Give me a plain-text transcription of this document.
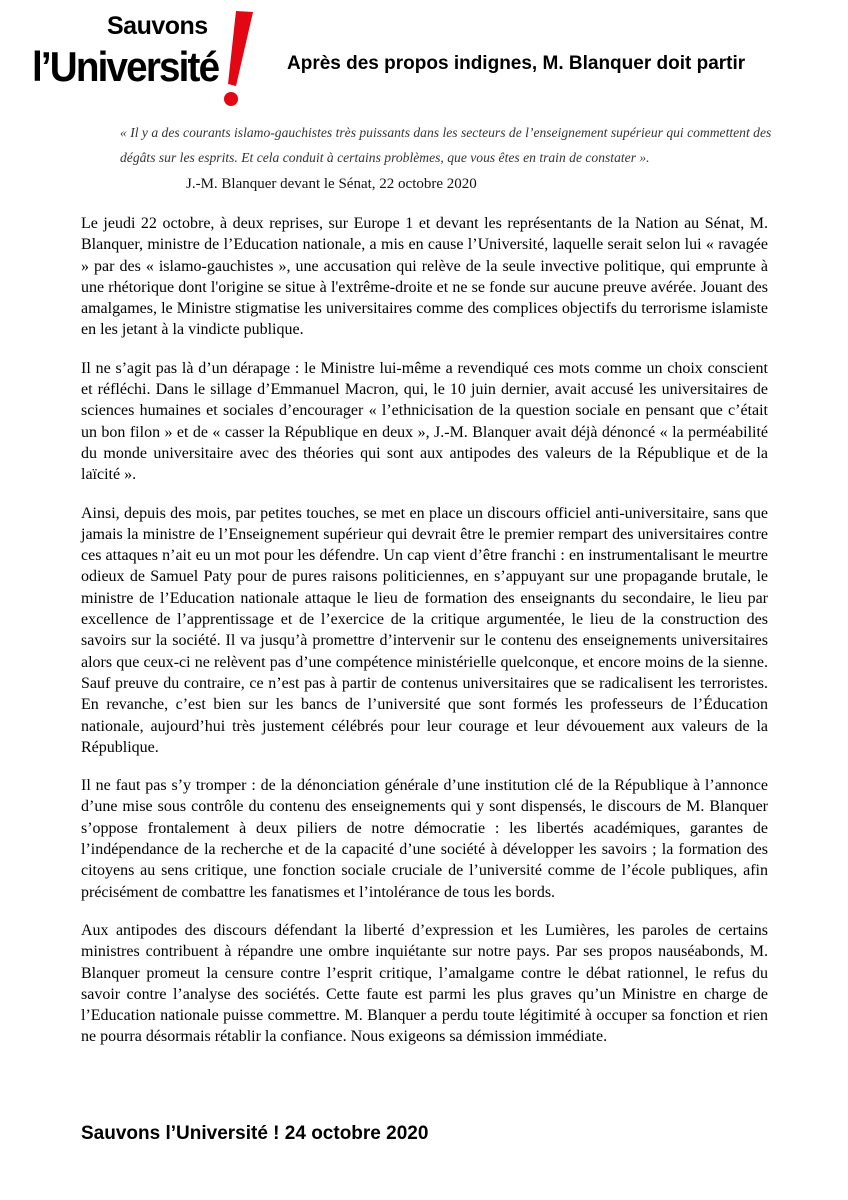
Sauvons
l’Université	Après des propos indignes, M. Blanquer doit partir
« Il y a des courants islamo-gauchistes très puissants dans les secteurs de l’enseignement supérieur qui commettent des dégâts sur les esprits. Et cela conduit à certains problèmes, que vous êtes en train de constater ».
J.-M. Blanquer devant le Sénat, 22 octobre 2020

Le jeudi 22 octobre, à deux reprises, sur Europe 1 et devant les représentants de la Nation au Sénat, M. Blanquer, ministre de l’Education nationale, a mis en cause l’Université, laquelle serait selon lui « ravagée » par des « islamo-gauchistes », une accusation qui relève de la seule invective politique, qui emprunte à une rhétorique dont l'origine se situe à l'extrême-droite et ne se fonde sur aucune preuve avérée. Jouant des amalgames, le Ministre stigmatise les universitaires comme des complices objectifs du terrorisme islamiste en les jetant à la vindicte publique.

Il ne s’agit pas là d’un dérapage : le Ministre lui-même a revendiqué ces mots comme un choix conscient et réfléchi. Dans le sillage d’Emmanuel Macron, qui, le 10 juin dernier, avait accusé les universitaires de sciences humaines et sociales d’encourager « l’ethnicisation de la question sociale en pensant que c’était un bon filon » et de « casser la République en deux », J.-M. Blanquer avait déjà dénoncé « la perméabilité du monde universitaire avec des théories qui sont aux antipodes des valeurs de la République et de la laïcité ».

Ainsi, depuis des mois, par petites touches, se met en place un discours officiel anti-universitaire, sans que jamais la ministre de l’Enseignement supérieur qui devrait être le premier rempart des universitaires contre ces attaques n’ait eu un mot pour les défendre. Un cap vient d’être franchi : en instrumentalisant le meurtre odieux de Samuel Paty pour de pures raisons politiciennes, en s’appuyant sur une propagande brutale, le ministre de l’Education nationale attaque le lieu de formation des enseignants du secondaire, le lieu par excellence de l’apprentissage et de l’exercice de la critique argumentée, le lieu de la construction des savoirs sur la société. Il va jusqu’à promettre d’intervenir sur le contenu des enseignements universitaires alors que ceux-ci ne relèvent pas d’une compétence ministérielle quelconque, et encore moins de la sienne. Sauf preuve du contraire, ce n’est pas à partir de contenus universitaires que se radicalisent les terroristes. En revanche, c’est bien sur les bancs de l’université que sont formés les professeurs de l’Éducation nationale, aujourd’hui très justement célébrés pour leur courage et leur dévouement aux valeurs de la République.

Il ne faut pas s’y tromper : de la dénonciation générale d’une institution clé de la République à l’annonce d’une mise sous contrôle du contenu des enseignements qui y sont dispensés, le discours de M. Blanquer s’oppose frontalement à deux piliers de notre démocratie : les libertés académiques, garantes de l’indépendance de la recherche et de la capacité d’une société à développer les savoirs ; la formation des citoyens au sens critique, une fonction sociale cruciale de l’université comme de l’école publiques, afin précisément de combattre les fanatismes et l’intolérance de tous les bords.

Aux antipodes des discours défendant la liberté d’expression et les Lumières, les paroles de certains ministres contribuent à répandre une ombre inquiétante sur notre pays. Par ses propos nauséabonds, M. Blanquer promeut la censure contre l’esprit critique, l’amalgame contre le débat rationnel, le refus du savoir contre l’analyse des sociétés. Cette faute est parmi les plus graves qu’un Ministre en charge de l’Education nationale puisse commettre. M. Blanquer a perdu toute légitimité à occuper sa fonction et rien ne pourra désormais rétablir la confiance. Nous exigeons sa démission immédiate.

Sauvons l’Université ! 24 octobre 2020
